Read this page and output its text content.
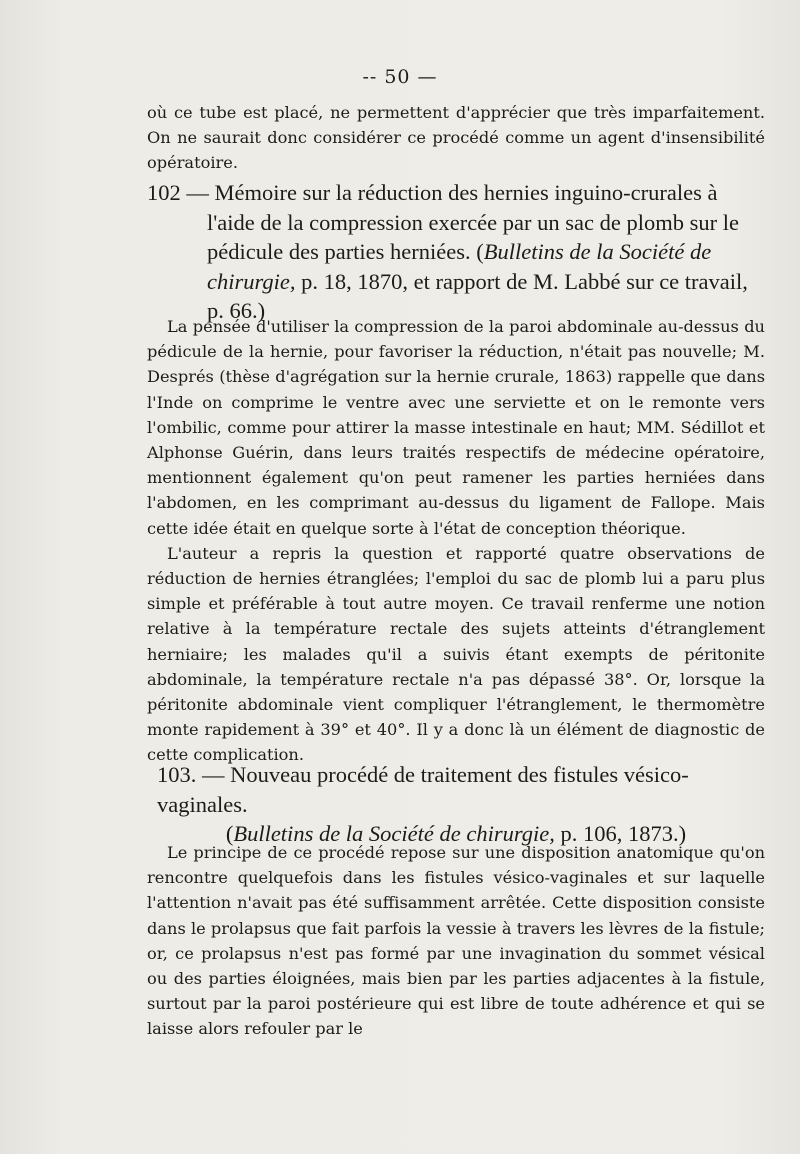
-- 50 —

où ce tube est placé, ne permettent d'apprécier que très imparfaitement. On ne saurait donc considérer ce procédé comme un agent d'insensibilité opératoire.

102 — Mémoire sur la réduction des hernies inguino-crurales à l'aide de la compression exercée par un sac de plomb sur le pédicule des parties herniées. (Bulletins de la Société de chirurgie, p. 18, 1870, et rapport de M. Labbé sur ce travail, p. 66.)

La pensée d'utiliser la compression de la paroi abdominale au-dessus du pédicule de la hernie, pour favoriser la réduction, n'était pas nouvelle; M. Després (thèse d'agrégation sur la hernie crurale, 1863) rappelle que dans l'Inde on comprime le ventre avec une serviette et on le remonte vers l'ombilic, comme pour attirer la masse intestinale en haut; MM. Sédillot et Alphonse Guérin, dans leurs traités respectifs de médecine opératoire, mentionnent également qu'on peut ramener les parties herniées dans l'abdomen, en les comprimant au-dessus du ligament de Fallope. Mais cette idée était en quelque sorte à l'état de conception théorique.

L'auteur a repris la question et rapporté quatre observations de réduction de hernies étranglées; l'emploi du sac de plomb lui a paru plus simple et préférable à tout autre moyen. Ce travail renferme une notion relative à la température rectale des sujets atteints d'étranglement herniaire; les malades qu'il a suivis étant exempts de péritonite abdominale, la température rectale n'a pas dépassé 38°. Or, lorsque la péritonite abdominale vient compliquer l'étranglement, le thermomètre monte rapidement à 39° et 40°. Il y a donc là un élément de diagnostic de cette complication.

103. — Nouveau procédé de traitement des fistules vésico-vaginales.

(Bulletins de la Société de chirurgie, p. 106, 1873.)

Le principe de ce procédé repose sur une disposition anatomique qu'on rencontre quelquefois dans les fistules vésico-vaginales et sur laquelle l'attention n'avait pas été suffisamment arrêtée. Cette disposition consiste dans le prolapsus que fait parfois la vessie à travers les lèvres de la fistule; or, ce prolapsus n'est pas formé par une invagination du sommet vésical ou des parties éloignées, mais bien par les parties adjacentes à la fistule, surtout par la paroi postérieure qui est libre de toute adhérence et qui se laisse alors refouler par le
